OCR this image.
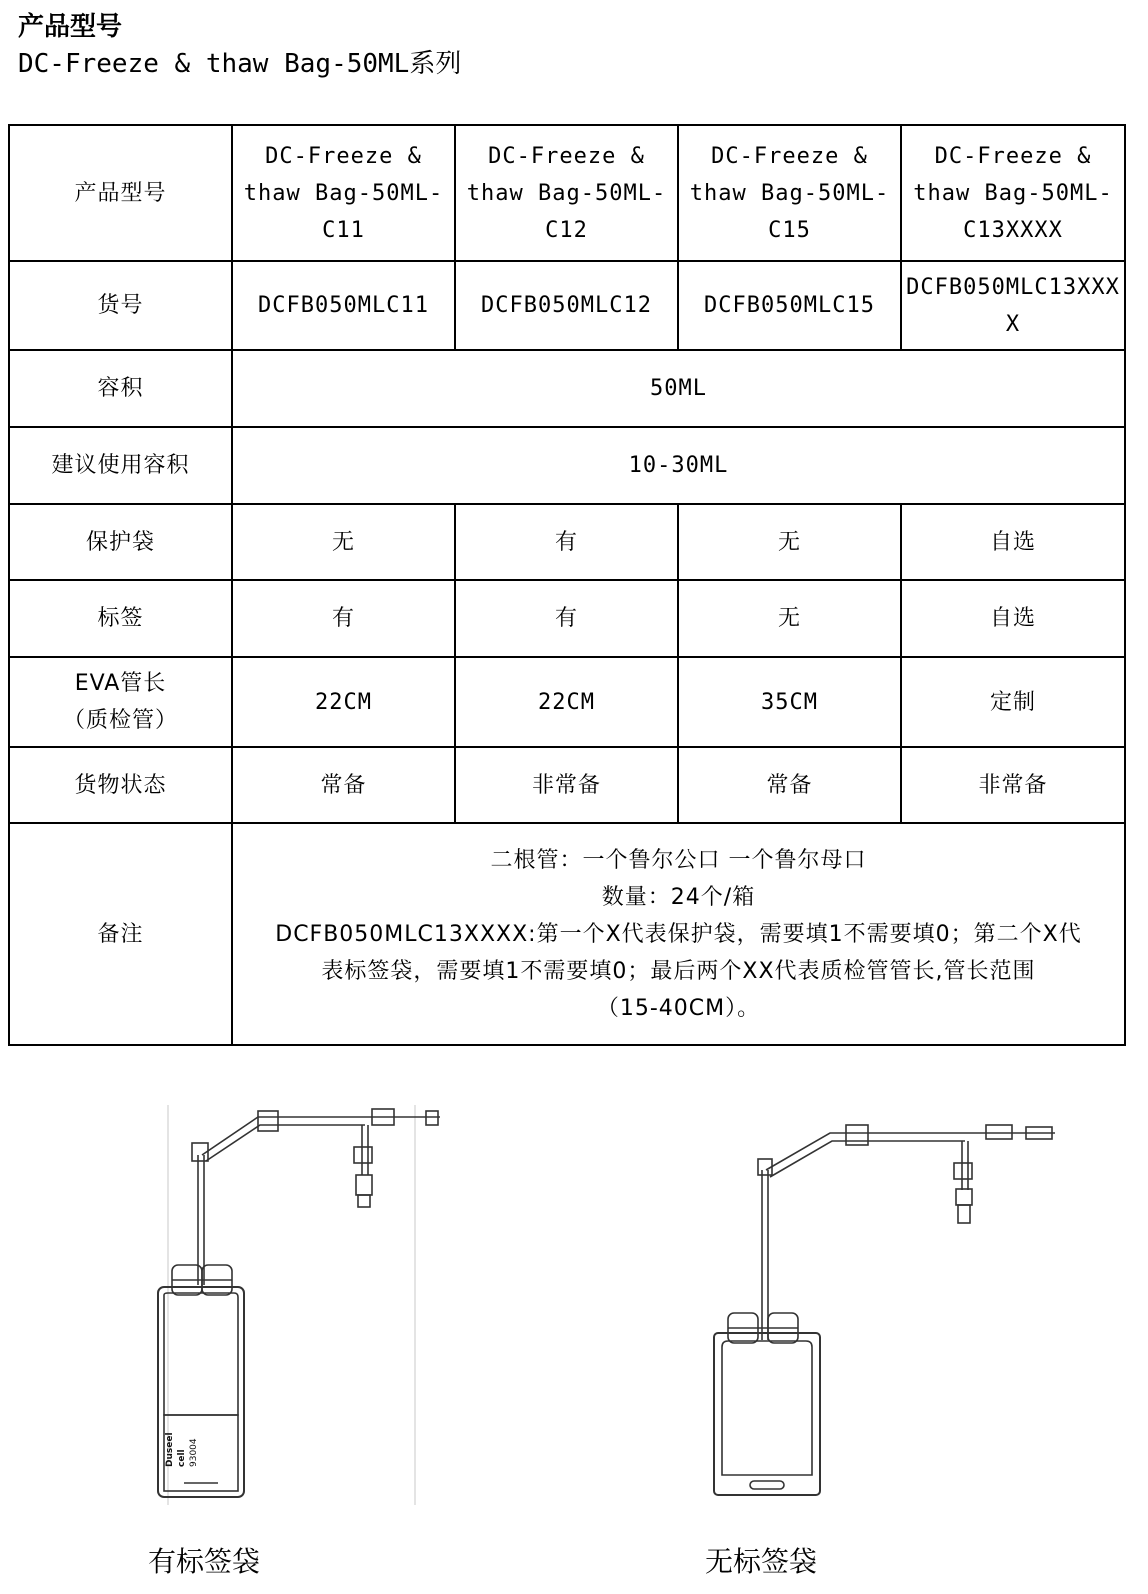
产品型号
DC-Freeze & thaw Bag-50ML系列
产品型号	DC-Freeze & thaw Bag-50ML-C11	DC-Freeze & thaw Bag-50ML-C12	DC-Freeze & thaw Bag-50ML-C15	DC-Freeze & thaw Bag-50ML-C13XXXX
货号	DCFB050MLC11	DCFB050MLC12	DCFB050MLC15	DCFB050MLC13XXXX
容积	50ML			
建议使用容积	10-30ML			
保护袋	无	有	无	自选
标签	有	有	无	自选

EVA管长
（质检管）	22CM	22CM	35CM	定制
货物状态	常备	非常备	常备	非常备
备注	二根管：一个鲁尔公口 一个鲁尔母口
数量：24个/箱
DCFB050MLC13XXXX:第一个X代表保护袋，需要填1不需要填0；第二个X代
表标签袋，需要填1不需要填0；最后两个XX代表质检管管长,管长范围
（15-40CM）。			
Duseel cell 93004
有标签袋	无标签袋
